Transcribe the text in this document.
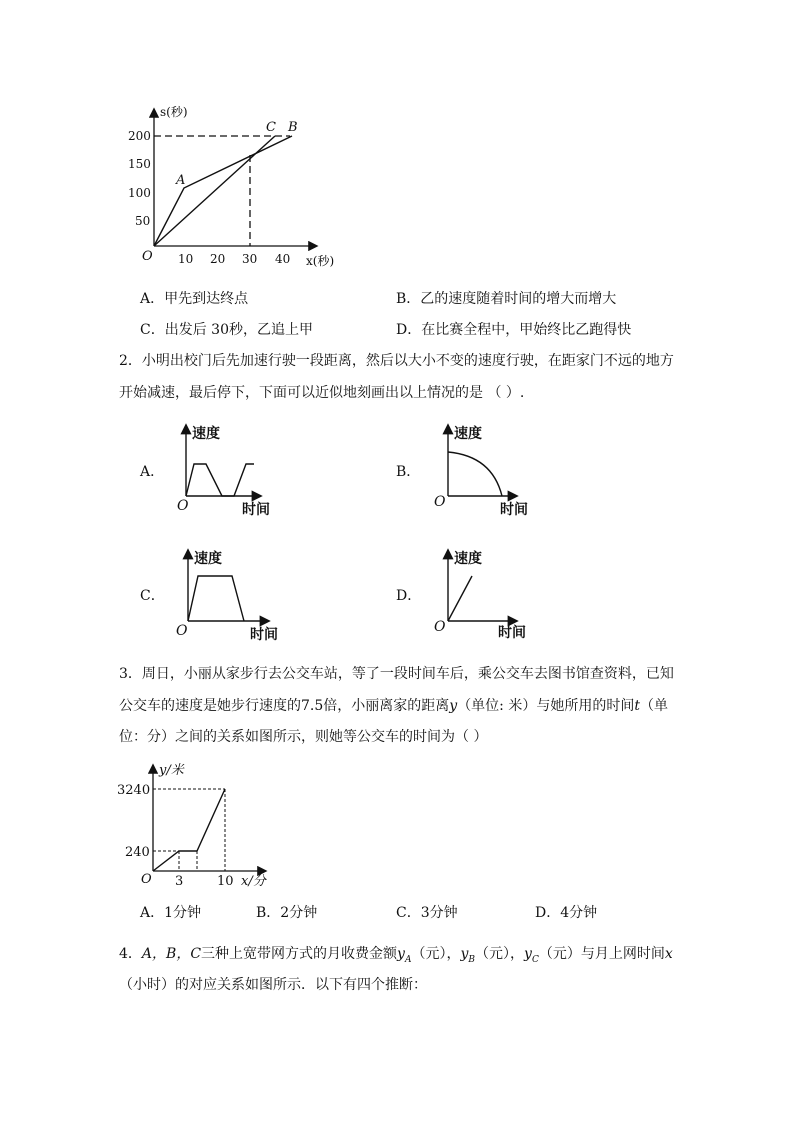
s(秒)
x(秒)
200
150
100
50
10 20 30 40
O
A
C B
A．甲先到达终点	B．乙的速度随着时间的增大而增大
C．出发后 30秒，乙追上甲	D．在比赛全程中，甲始终比乙跑得快
2．小明出校门后先加速行驶一段距离，然后以大小不变的速度行驶，在距家门不远的地方
开始减速，最后停下，下面可以近似地刻画出以上情况的是 （ ）.
A．	B．
C．	D．
速度
时间
O
速度
时间
O
速度
时间
O
速度
时间
O
3．周日，小丽从家步行去公交车站，等了一段时间车后，乘公交车去图书馆查资料，已知
公交车的速度是她步行速度的7.5倍，小丽离家的距离y（单位: 米）与她所用的时间t（单
位：分）之间的关系如图所示，则她等公交车的时间为（ ）
y/米
x/分
3240
240
3	10
O
A．1分钟	B．2分钟	C．3分钟	D．4分钟
4．A，B，C三种上宽带网方式的月收费金额$y_A$（元），$y_B$（元），$y_C$（元）与月上网时间x
（小时）的对应关系如图所示．以下有四个推断：
